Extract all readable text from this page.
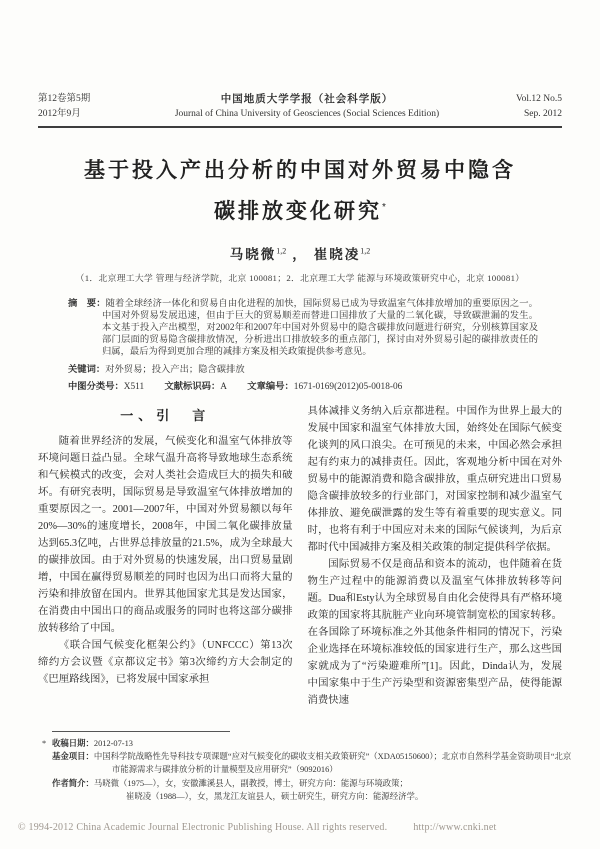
第12卷第5期
2012年9月
中国地质大学学报（社会科学版）
Journal of China University of Geosciences (Social Sciences Edition)
Vol.12 No.5
Sep. 2012
基于投入产出分析的中国对外贸易中隐含
碳排放变化研究*
马晓微$^{1,2}$ ， 崔晓凌$^{1,2}$
（1．北京理工大学 管理与经济学院，北京 100081；2．北京理工大学 能源与环境政策研究中心，北京 100081）
摘　要：随着全球经济一体化和贸易自由化进程的加快，国际贸易已成为导致温室气体排放增加的重要原因之一。中国对外贸易发展迅速，但由于巨大的贸易顺差而替进口国排放了大量的二氧化碳，导致碳泄漏的发生。本文基于投入产出模型，对2002年和2007年中国对外贸易中的隐含碳排放问题进行研究，分别核算国家及部门层面的贸易隐含碳排放情况，分析进出口排放较多的重点部门，探讨由对外贸易引起的碳排放责任的归属，最后为得到更加合理的减排方案及相关政策提供参考意见。
关键词：对外贸易；投入产出；隐含碳排放
中图分类号：X511 文献标识码：A 文章编号：1671-0169(2012)05-0018-06
一、引　言

随着世界经济的发展，气候变化和温室气体排放等环境问题日益凸显。全球气温升高将导致地球生态系统和气候模式的改变，会对人类社会造成巨大的损失和破坏。有研究表明，国际贸易是导致温室气体排放增加的重要原因之一。2001—2007年，中国对外贸易额以每年20%—30%的速度增长，2008年，中国二氧化碳排放量达到65.3亿吨，占世界总排放量的21.5%，成为全球最大的碳排放国。由于对外贸易的快速发展，出口贸易量剧增，中国在赢得贸易顺差的同时也因为出口而将大量的污染和排放留在国内。世界其他国家尤其是发达国家，在消费由中国出口的商品或服务的同时也将这部分碳排放转移给了中国。

《联合国气候变化框架公约》（UNFCCC）第13次缔约方会议暨《京都议定书》第3次缔约方大会制定的《巴厘路线图》，已将发展中国家承担

具体减排义务纳入后京都进程。中国作为世界上最大的发展中国家和温室气体排放大国，始终处在国际气候变化谈判的风口浪尖。在可预见的未来，中国必然会承担起有约束力的减排责任。因此，客观地分析中国在对外贸易中的能源消费和隐含碳排放，重点研究进出口贸易隐含碳排放较多的行业部门，对国家控制和减少温室气体排放、避免碳泄露的发生等有着重要的现实意义。同时，也将有利于中国应对未来的国际气候谈判，为后京都时代中国减排方案及相关政策的制定提供科学依据。

国际贸易不仅是商品和资本的流动，也伴随着在货物生产过程中的能源消费以及温室气体排放转移等问题。Dua和Esty认为全球贸易自由化会使得具有严格环境政策的国家将其肮脏产业向环境管制宽松的国家转移。在各国除了环境标准之外其他条件相同的情况下，污染企业选择在环境标准较低的国家进行生产，那么这些国家就成为了“污染避难所”[1]。因此，Dinda认为，发展中国家集中于生产污染型和资源密集型产品，使得能源消费快速

* 收稿日期：2012-07-13
基金项目：中国科学院战略性先导科技专项课题“应对气候变化的碳收支相关政策研究”（XDA05150600）；北京市自然科学基金资助项目“北京市能源需求与碳排放分析的计量模型及应用研究”（9092016）
作者简介：马晓微（1975—），女，安徽濉溪县人，副教授，博士，研究方向：能源与环境政策；
崔晓凌（1988—），女，黑龙江友谊县人，硕士研究生，研究方向：能源经济学。
© 1994-2012 China Academic Journal Electronic Publishing House. All rights reserved.	http://www.cnki.net
